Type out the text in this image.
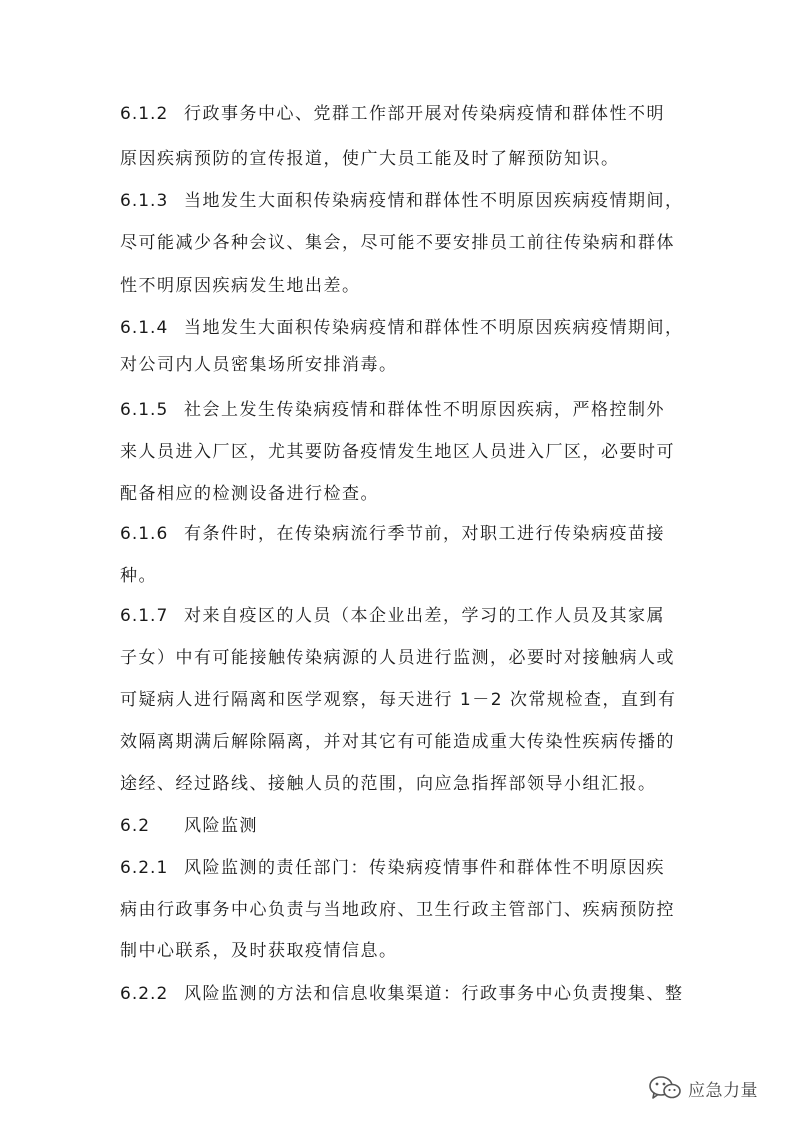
6.1.2 行政事务中心、党群工作部开展对传染病疫情和群体性不明
原因疾病预防的宣传报道，使广大员工能及时了解预防知识。
6.1.3 当地发生大面积传染病疫情和群体性不明原因疾病疫情期间，
尽可能减少各种会议、集会，尽可能不要安排员工前往传染病和群体
性不明原因疾病发生地出差。
6.1.4 当地发生大面积传染病疫情和群体性不明原因疾病疫情期间，
对公司内人员密集场所安排消毒。
6.1.5 社会上发生传染病疫情和群体性不明原因疾病，严格控制外
来人员进入厂区，尤其要防备疫情发生地区人员进入厂区，必要时可
配备相应的检测设备进行检查。
6.1.6 有条件时，在传染病流行季节前，对职工进行传染病疫苗接
种。
6.1.7 对来自疫区的人员（本企业出差，学习的工作人员及其家属
子女）中有可能接触传染病源的人员进行监测，必要时对接触病人或
可疑病人进行隔离和医学观察，每天进行 1－2 次常规检查，直到有
效隔离期满后解除隔离，并对其它有可能造成重大传染性疾病传播的
途经、经过路线、接触人员的范围，向应急指挥部领导小组汇报。
6.2 风险监测
6.2.1 风险监测的责任部门：传染病疫情事件和群体性不明原因疾
病由行政事务中心负责与当地政府、卫生行政主管部门、疾病预防控
制中心联系，及时获取疫情信息。
6.2.2 风险监测的方法和信息收集渠道：行政事务中心负责搜集、整
应急力量
